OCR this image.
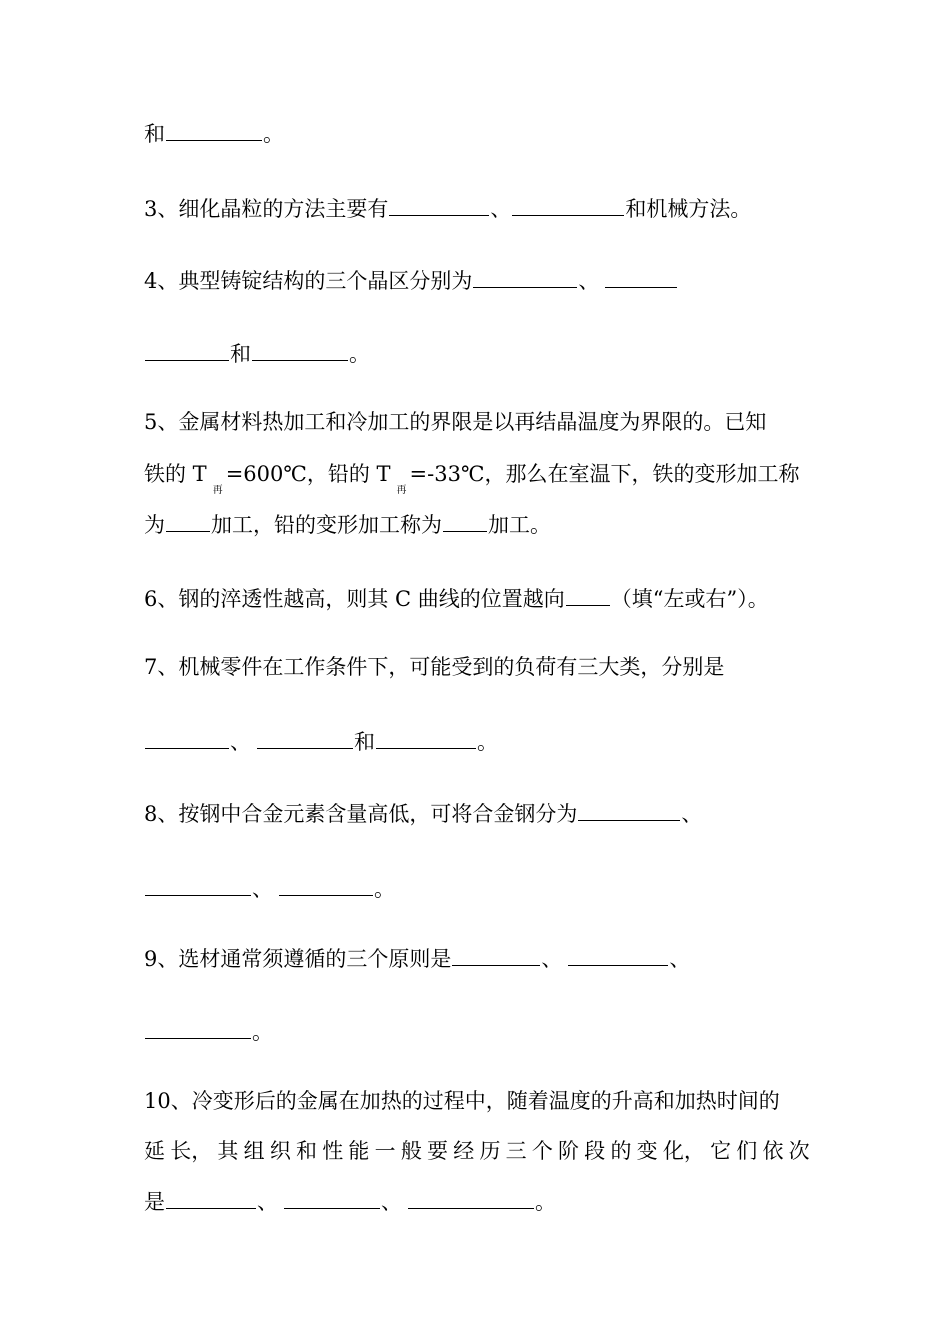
和	。
3、细化晶粒的方法主要有	、	和机械方法。
4、典型铸锭结构的三个晶区分别为	、
和	。
5、金属材料热加工和冷加工的界限是以再结晶温度为界限的。已知
铁的 $T_再=600℃$，铅的 $T_再=-33℃$，那么在室温下，铁的变形加工称
为 加工，铅的变形加工称为 加工。
6、钢的淬透性越高，则其 C 曲线的位置越向 （填“左或右”）。
7、机械零件在工作条件下，可能受到的负荷有三大类，分别是
、	和	。
8、按钢中合金元素含量高低，可将合金钢分为	、
、	。
9、选材通常须遵循的三个原则是	、	、
。
10、冷变形后的金属在加热的过程中，随着温度的升高和加热时间的
延 长， 其 组 织 和 性 能 一 般 要 经 历 三 个 阶 段 的 变 化， 它 们 依 次
是	、	、	。
